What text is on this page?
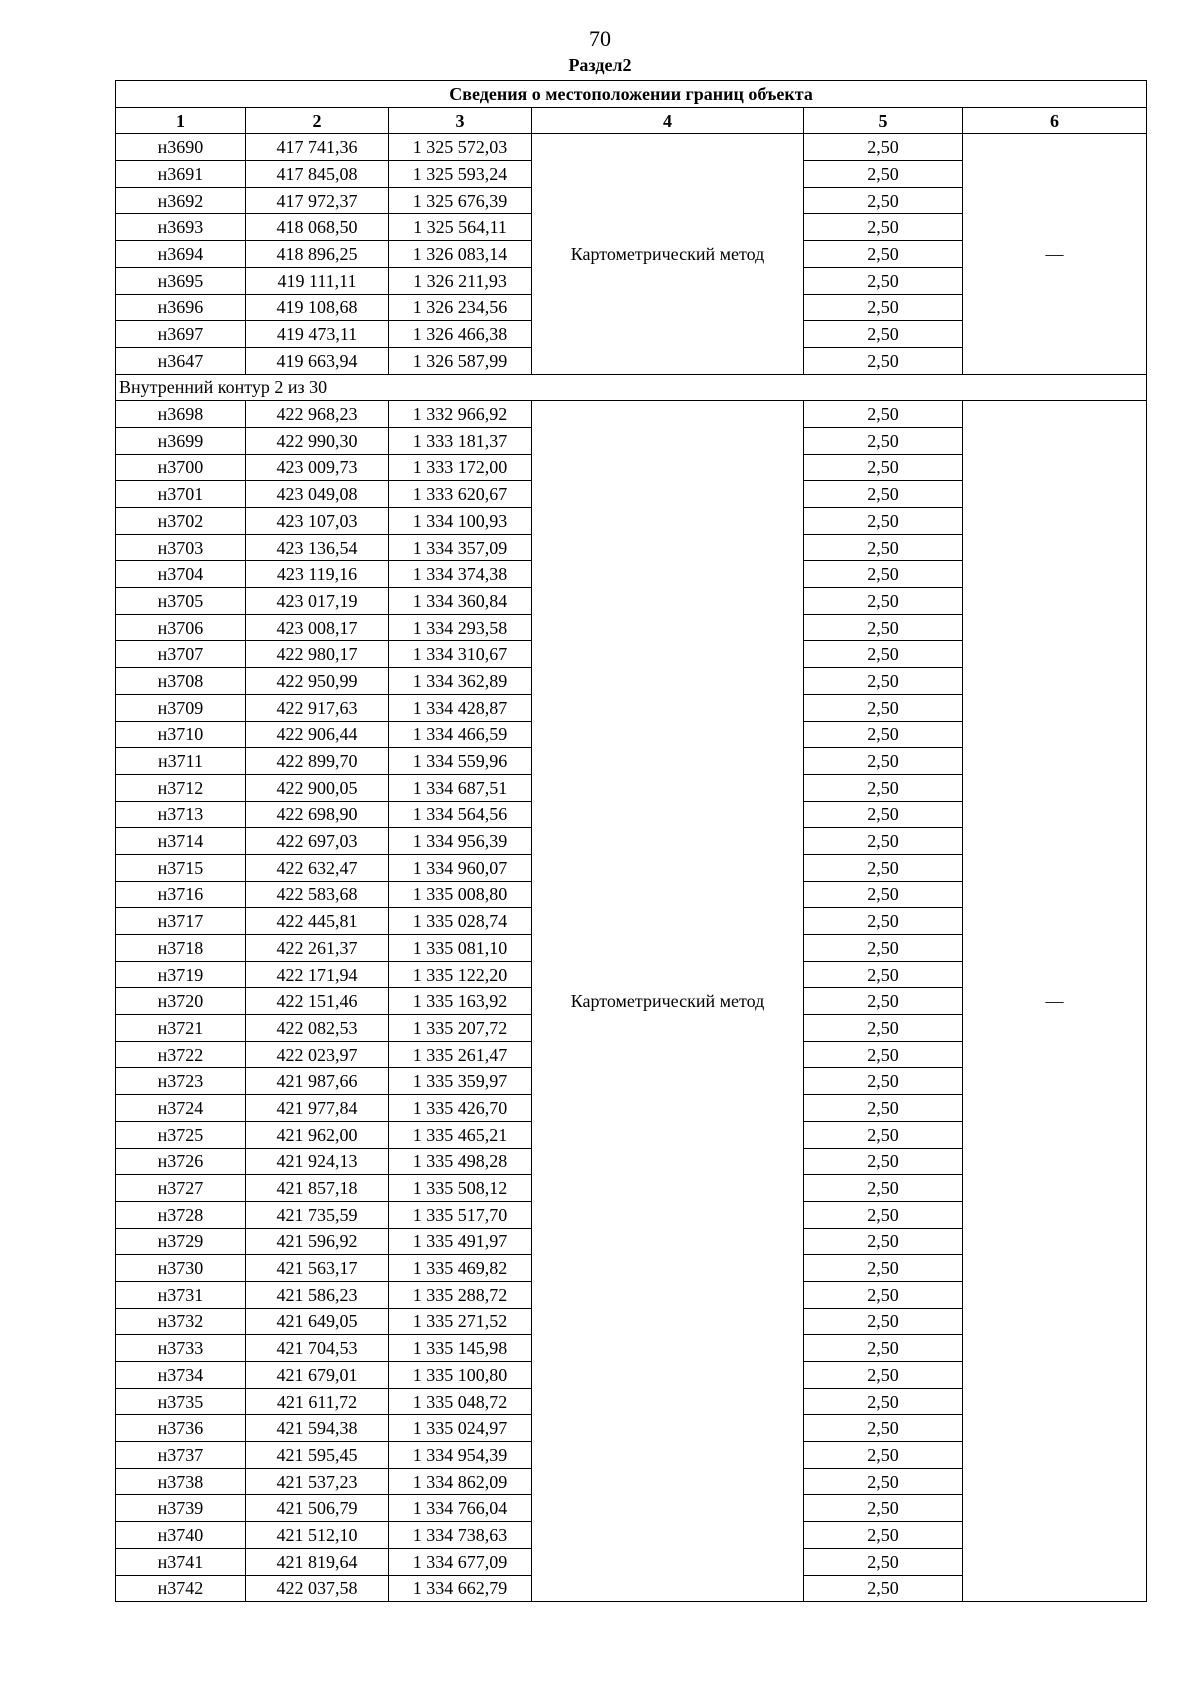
70
Раздел2
Сведения о местоположении границ объекта					
1	2	3	4	5	6
н3690	417 741,36	1 325 572,03	Картометрический метод	2,50	—
н3691	417 845,08	1 325 593,24		2,50	
н3692	417 972,37	1 325 676,39		2,50	
н3693	418 068,50	1 325 564,11		2,50	
н3694	418 896,25	1 326 083,14		2,50	
н3695	419 111,11	1 326 211,93		2,50	
н3696	419 108,68	1 326 234,56		2,50	
н3697	419 473,11	1 326 466,38		2,50	
н3647	419 663,94	1 326 587,99		2,50	
Внутренний контур 2 из 30					
н3698	422 968,23	1 332 966,92	Картометрический метод	2,50	—
н3699	422 990,30	1 333 181,37		2,50	
н3700	423 009,73	1 333 172,00		2,50	
н3701	423 049,08	1 333 620,67		2,50	
н3702	423 107,03	1 334 100,93		2,50	
н3703	423 136,54	1 334 357,09		2,50	
н3704	423 119,16	1 334 374,38		2,50	
н3705	423 017,19	1 334 360,84		2,50	
н3706	423 008,17	1 334 293,58		2,50	
н3707	422 980,17	1 334 310,67		2,50	
н3708	422 950,99	1 334 362,89		2,50	
н3709	422 917,63	1 334 428,87		2,50	
н3710	422 906,44	1 334 466,59		2,50	
н3711	422 899,70	1 334 559,96		2,50	
н3712	422 900,05	1 334 687,51		2,50	
н3713	422 698,90	1 334 564,56		2,50	
н3714	422 697,03	1 334 956,39		2,50	
н3715	422 632,47	1 334 960,07		2,50	
н3716	422 583,68	1 335 008,80		2,50	
н3717	422 445,81	1 335 028,74		2,50	
н3718	422 261,37	1 335 081,10		2,50	
н3719	422 171,94	1 335 122,20		2,50	
н3720	422 151,46	1 335 163,92		2,50	
н3721	422 082,53	1 335 207,72		2,50	
н3722	422 023,97	1 335 261,47		2,50	
н3723	421 987,66	1 335 359,97		2,50	
н3724	421 977,84	1 335 426,70		2,50	
н3725	421 962,00	1 335 465,21		2,50	
н3726	421 924,13	1 335 498,28		2,50	
н3727	421 857,18	1 335 508,12		2,50	
н3728	421 735,59	1 335 517,70		2,50	
н3729	421 596,92	1 335 491,97		2,50	
н3730	421 563,17	1 335 469,82		2,50	
н3731	421 586,23	1 335 288,72		2,50	
н3732	421 649,05	1 335 271,52		2,50	
н3733	421 704,53	1 335 145,98		2,50	
н3734	421 679,01	1 335 100,80		2,50	
н3735	421 611,72	1 335 048,72		2,50	
н3736	421 594,38	1 335 024,97		2,50	
н3737	421 595,45	1 334 954,39		2,50	
н3738	421 537,23	1 334 862,09		2,50	
н3739	421 506,79	1 334 766,04		2,50	
н3740	421 512,10	1 334 738,63		2,50	
н3741	421 819,64	1 334 677,09		2,50	
н3742	422 037,58	1 334 662,79		2,50	
